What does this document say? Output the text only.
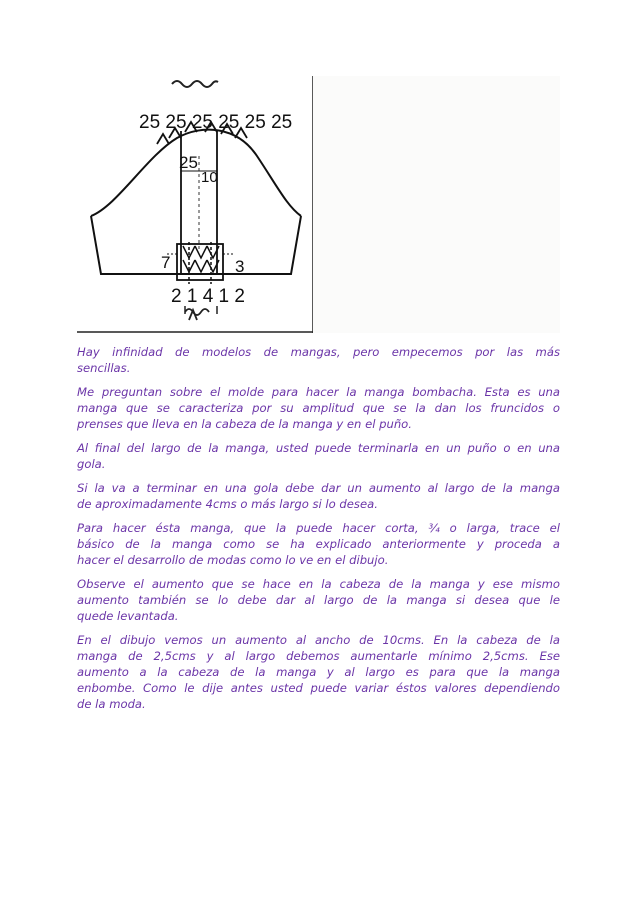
25 25 25 25 25 25
25
10
7	3
2 1 4 1 2

Hay infinidad de modelos de mangas, pero empecemos por las más
sencillas.

Me preguntan sobre el molde para hacer la manga bombacha. Esta es una
manga que se caracteriza por su amplitud que se la dan los fruncidos o
prenses que lleva en la cabeza de la manga y en el puño.

Al final del largo de la manga, usted puede terminarla en un puño o en una
gola.

Si la va a terminar en una gola debe dar un aumento al largo de la manga
de aproximadamente 4cms o más largo si lo desea.

Para hacer ésta manga, que la puede hacer corta, ¾ o larga, trace el
básico de la manga como se ha explicado anteriormente y proceda a
hacer el desarrollo de modas como lo ve en el dibujo.

Observe el aumento que se hace en la cabeza de la manga y ese mismo
aumento también se lo debe dar al largo de la manga si desea que le
quede levantada.

En el dibujo vemos un aumento al ancho de 10cms. En la cabeza de la
manga de 2,5cms y al largo debemos aumentarle mínimo 2,5cms. Ese
aumento a la cabeza de la manga y al largo es para que la manga
enbombe. Como le dije antes usted puede variar éstos valores dependiendo
de la moda.
